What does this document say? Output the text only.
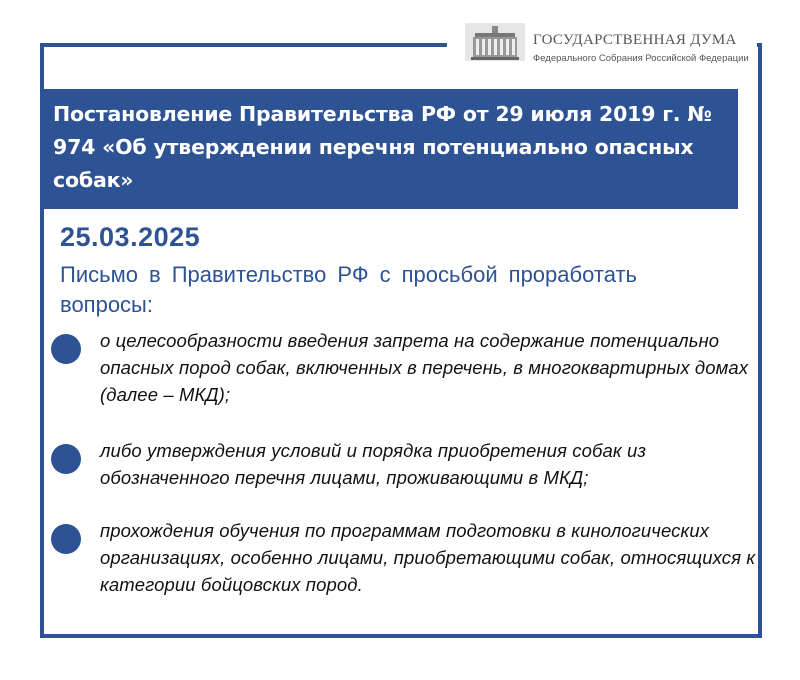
ГОСУДАРСТВЕННАЯ ДУМА
Федерального Собрания Российской Федерации

Постановление Правительства РФ от 29 июля 2019 г. № 974 «Об утверждении перечня потенциально опасных собак»

25.03.2025
Письмо в Правительство РФ с просьбой проработать вопросы:
о целесообразности введения запрета на содержание потенциально опасных пород собак, включенных в перечень, в многоквартирных домах (далее – МКД);
либо утверждения условий и порядка приобретения собак из обозначенного перечня лицами, проживающими в МКД;
прохождения обучения по программам подготовки в кинологических организациях, особенно лицами, приобретающими собак, относящихся к категории бойцовских пород.
